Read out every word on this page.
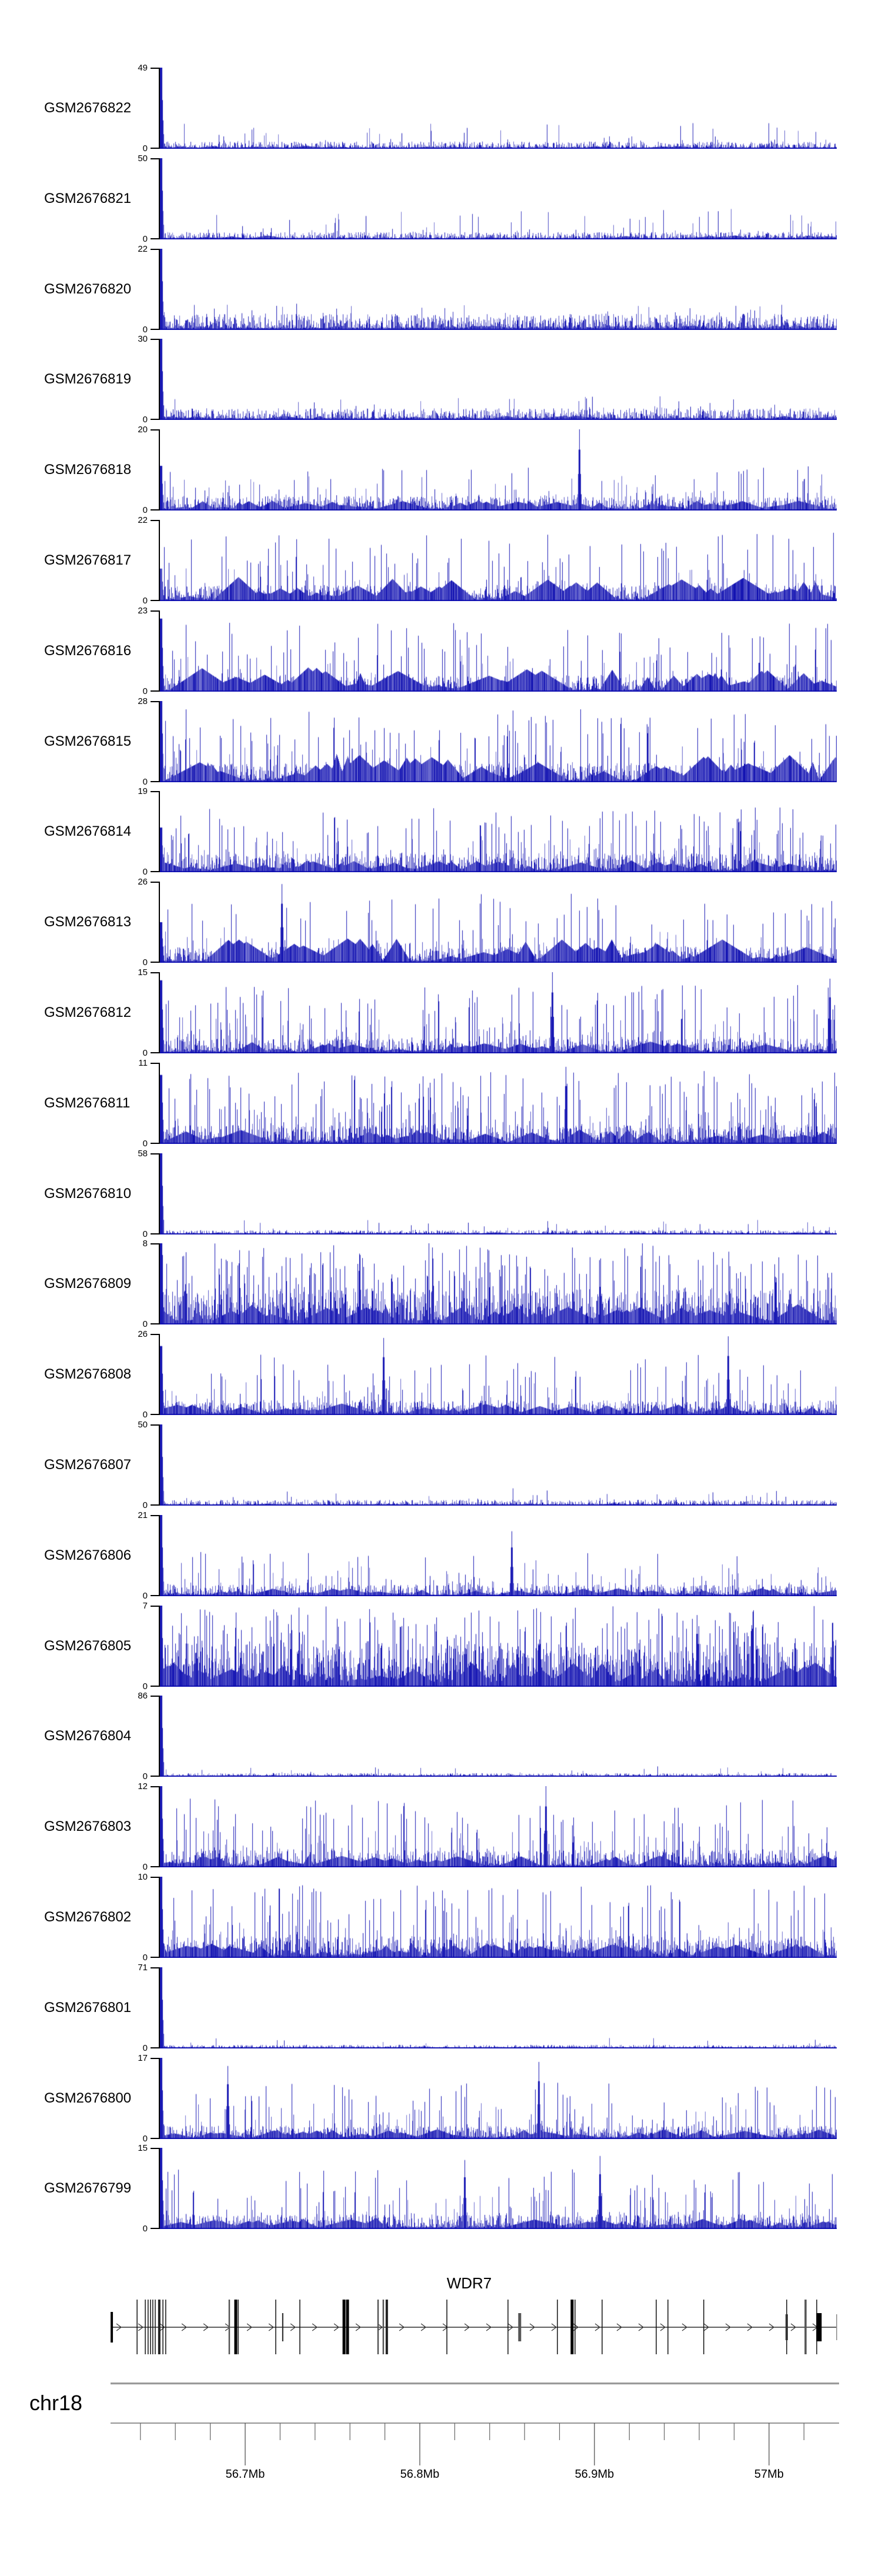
GSM2676822
49
0
GSM2676821
50
0
GSM2676820
22
0
GSM2676819
30
0
GSM2676818
20
0
GSM2676817
22
0
GSM2676816
23
0
GSM2676815
28
0
GSM2676814
19
0
GSM2676813
26
0
GSM2676812
15
0
GSM2676811
11
0
GSM2676810
58
0
GSM2676809
8
0
GSM2676808
26
0
GSM2676807
50
0
GSM2676806
21
0
GSM2676805
7
0
GSM2676804
86
0
GSM2676803
12
0
GSM2676802
10
0
GSM2676801
71
0
GSM2676800
17
0
GSM2676799
15
0
WDR7
chr18
56.7Mb	56.8Mb	56.9Mb	57Mb
